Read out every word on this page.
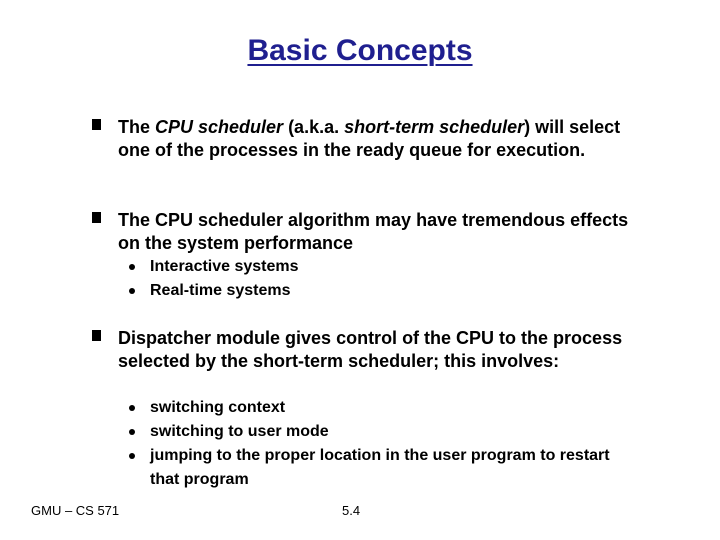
Basic Concepts
The CPU scheduler (a.k.a. short-term scheduler) will select one of the processes in the ready queue for execution.
The CPU scheduler algorithm may have tremendous effects on the system performance
Interactive systems
Real-time systems
Dispatcher module gives control of the CPU to the process selected by the short-term scheduler; this involves:
switching context
switching to user mode
jumping to the proper location in the user program to restart that program
GMU – CS 571	5.4
